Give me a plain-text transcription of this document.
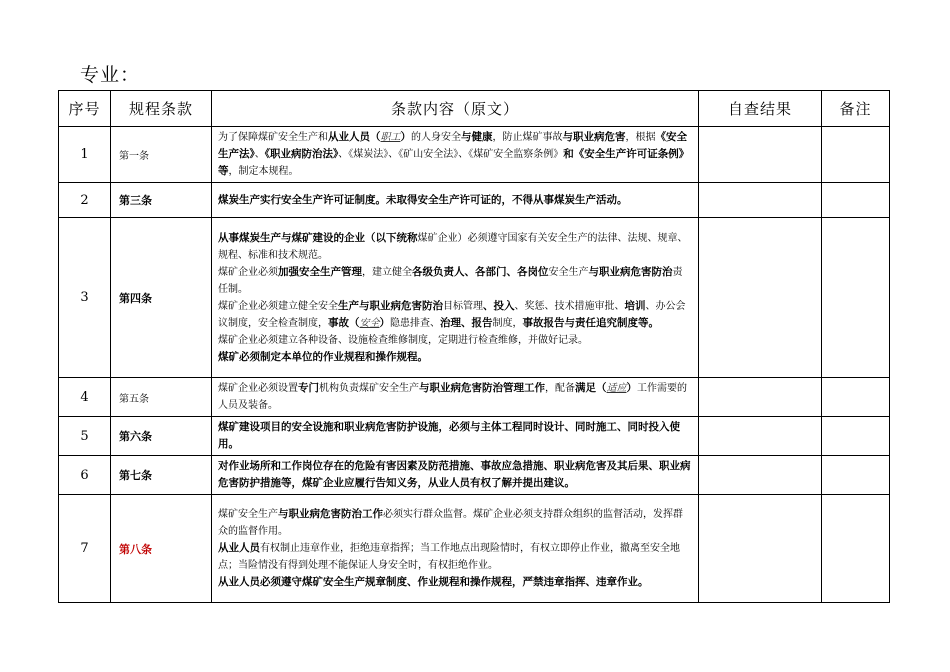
专业：
序号	规程条款	条款内容（原文）	自查结果	备注
1	第一条	为了保障煤矿安全生产和从业人员（职工）的人身安全与健康，防止煤矿事故与职业病危害，根据《安全生产法》、《职业病防治法》、《煤炭法》、《矿山安全法》、《煤矿安全监察条例》和《安全生产许可证条例》等，制定本规程。		

2	第三条	煤炭生产实行安全生产许可证制度。未取得安全生产许可证的，不得从事煤炭生产活动。		
3	第四条	从事煤炭生产与煤矿建设的企业（以下统称煤矿企业）必须遵守国家有关安全生产的法律、法规、规章、规程、标准和技术规范。

煤矿企业必须加强安全生产管理，建立健全各级负责人、各部门、各岗位安全生产与职业病危害防治责任制。

煤矿企业必须建立健全安全生产与职业病危害防治目标管理、投入、奖惩、技术措施审批、培训、办公会议制度，安全检查制度，事故（安全）隐患排查、治理、报告制度，事故报告与责任追究制度等。

煤矿企业必须建立各种设备、设施检查维修制度，定期进行检查维修，并做好记录。

煤矿必须制定本单位的作业规程和操作规程。		

4	第五条	煤矿企业必须设置专门机构负责煤矿安全生产与职业病危害防治管理工作，配备满足（适应）工作需要的人员及装备。		

5	第六条	煤矿建设项目的安全设施和职业病危害防护设施，必须与主体工程同时设计、同时施工、同时投入使用。		
6	第七条	对作业场所和工作岗位存在的危险有害因素及防范措施、事故应急措施、职业病危害及其后果、职业病危害防护措施等，煤矿企业应履行告知义务，从业人员有权了解并提出建议。		
7	第八条	煤矿安全生产与职业病危害防治工作必须实行群众监督。煤矿企业必须支持群众组织的监督活动，发挥群众的监督作用。

从业人员有权制止违章作业，拒绝违章指挥；当工作地点出现险情时，有权立即停止作业，撤离至安全地点；当险情没有得到处理不能保证人身安全时，有权拒绝作业。

从业人员必须遵守煤矿安全生产规章制度、作业规程和操作规程，严禁违章指挥、违章作业。		
